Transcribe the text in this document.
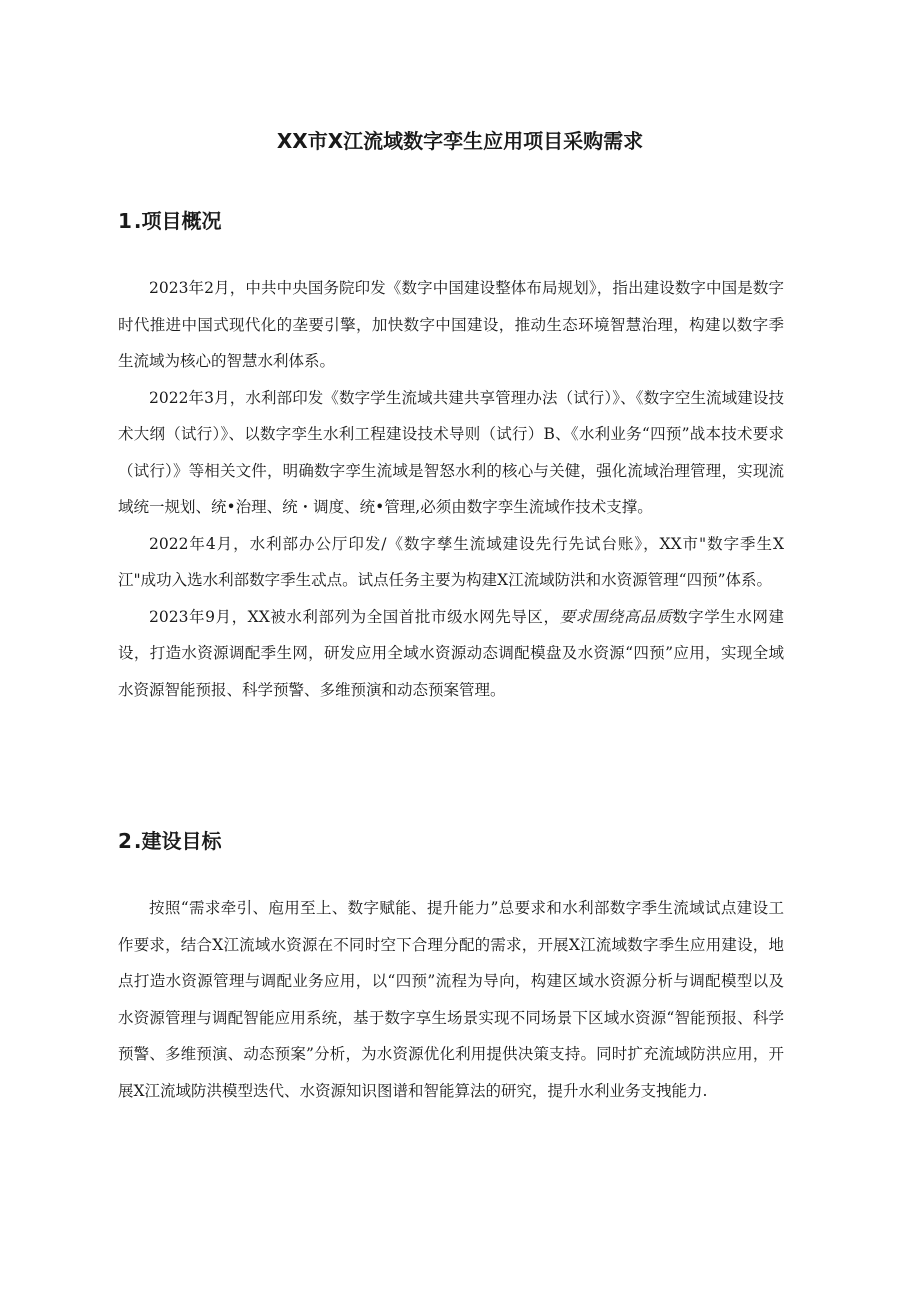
XX市X江流域数字孪生应用项目采购需求
1 .项目概况

2023年2月，中共中央国务院印发《数字中国建设整体布局规划》，指出建设数字中国是数字时代推进中国式现代化的垄要引擎，加快数字中国建设，推动生态环境智慧治理，构建以数字季生流域为核心的智慧水利体系。

2022年3月，水利部印发《数字学生流域共建共享管理办法（试行）》、《数字空生流域建设技术大纲（试行）》、以数字孪生水利工程建设技术导则（试行）B、《水利业务“四预”战本技术要求（试行）》等相关文件，明确数字孪生流域是智怒水利的核心与关健，强化流域治理管理，实现流域统一规划、统•治理、统・调度、统•管理,必须由数字孪生流域作技术支撑。

2022年4月，水利部办公厅印发/《数字孳生流域建设先行先试台账》，XX市"数字季生X江"成功入选水利部数字季生忒点。试点任务主要为构建X江流域防洪和水资源管理“四预”体系。

2023年9月，XX被水利部列为全国首批市级水网先导区，要求围绕高品质数字学生水网建设，打造水资源调配季生网，研发应用全域水资源动态调配模盘及水资源“四预”应用，实现全域水资源智能预报、科学预警、多维预演和动态预案管理。

2 .建设目标

按照“需求牵引、庖用至上、数字赋能、提升能力”总要求和水利部数字季生流域试点建设工作要求，结合X江流域水资源在不同时空下合理分配的需求，开展X江流域数字季生应用建设，地点打造水资源管理与调配业务应用，以“四预”流程为导向，构建区域水资源分析与调配模型以及水资源管理与调配智能应用系统，基于数字享生场景实现不同场景下区域水资源“智能预报、科学预警、多维预演、动态预案”分析，为水资源优化利用提供决策支持。同时扩充流域防洪应用，开展X江流域防洪模型迭代、水资源知识图谱和智能算法的研究，提升水利业务支拽能力.
